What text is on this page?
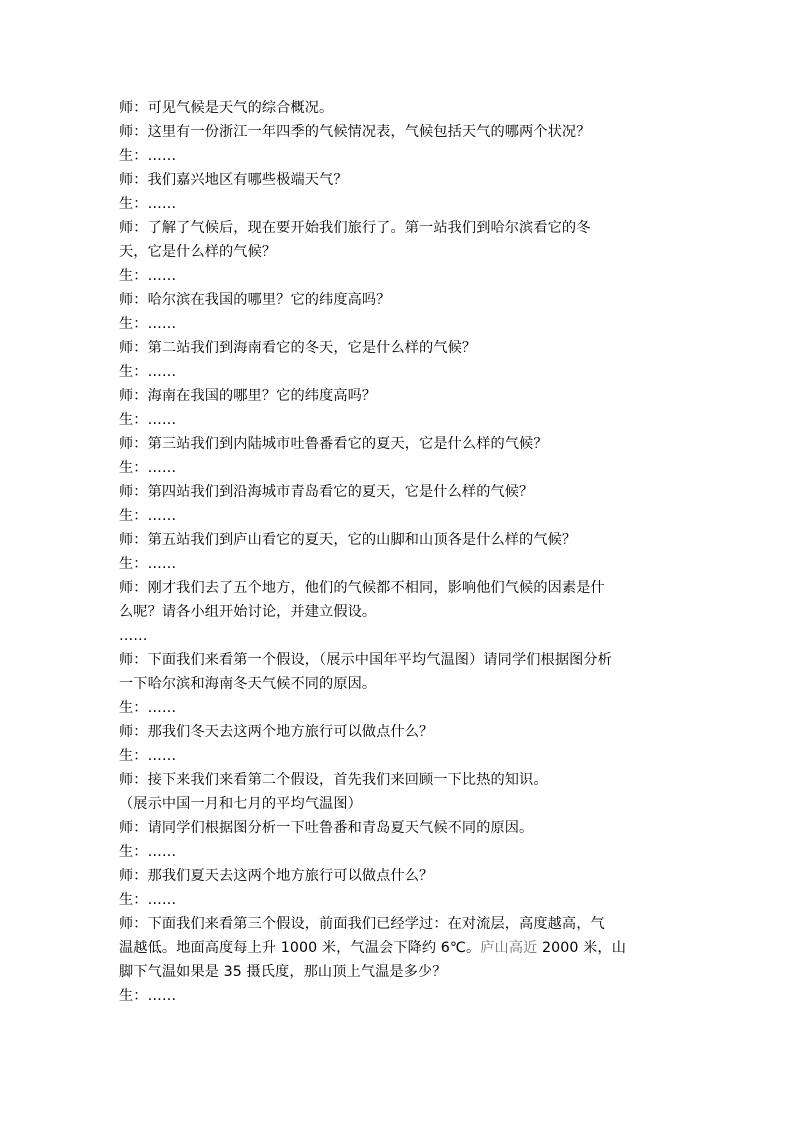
师：可见气候是天气的综合概况。
师：这里有一份浙江一年四季的气候情况表，气候包括天气的哪两个状况？
生：……
师：我们嘉兴地区有哪些极端天气？
生：……
师：了解了气候后，现在要开始我们旅行了。第一站我们到哈尔滨看它的冬
天，它是什么样的气候？
生：……
师：哈尔滨在我国的哪里？它的纬度高吗？
生：……
师：第二站我们到海南看它的冬天，它是什么样的气候？
生：……
师：海南在我国的哪里？它的纬度高吗？
生：……
师：第三站我们到内陆城市吐鲁番看它的夏天，它是什么样的气候？
生：……
师：第四站我们到沿海城市青岛看它的夏天，它是什么样的气候？
生：……
师：第五站我们到庐山看它的夏天，它的山脚和山顶各是什么样的气候？
生：……
师：刚才我们去了五个地方，他们的气候都不相同，影响他们气候的因素是什
么呢？请各小组开始讨论，并建立假设。
……
师：下面我们来看第一个假设，（展示中国年平均气温图）请同学们根据图分析
一下哈尔滨和海南冬天气候不同的原因。
生：……
师：那我们冬天去这两个地方旅行可以做点什么？
生：……
师：接下来我们来看第二个假设，首先我们来回顾一下比热的知识。
（展示中国一月和七月的平均气温图）
师：请同学们根据图分析一下吐鲁番和青岛夏天气候不同的原因。
生：……
师：那我们夏天去这两个地方旅行可以做点什么？
生：……
师：下面我们来看第三个假设，前面我们已经学过：在对流层，高度越高，气
温越低。地面高度每上升 1000 米，气温会下降约 6℃。庐山高近 2000 米，山
脚下气温如果是 35 摄氏度，那山顶上气温是多少？
生：……
